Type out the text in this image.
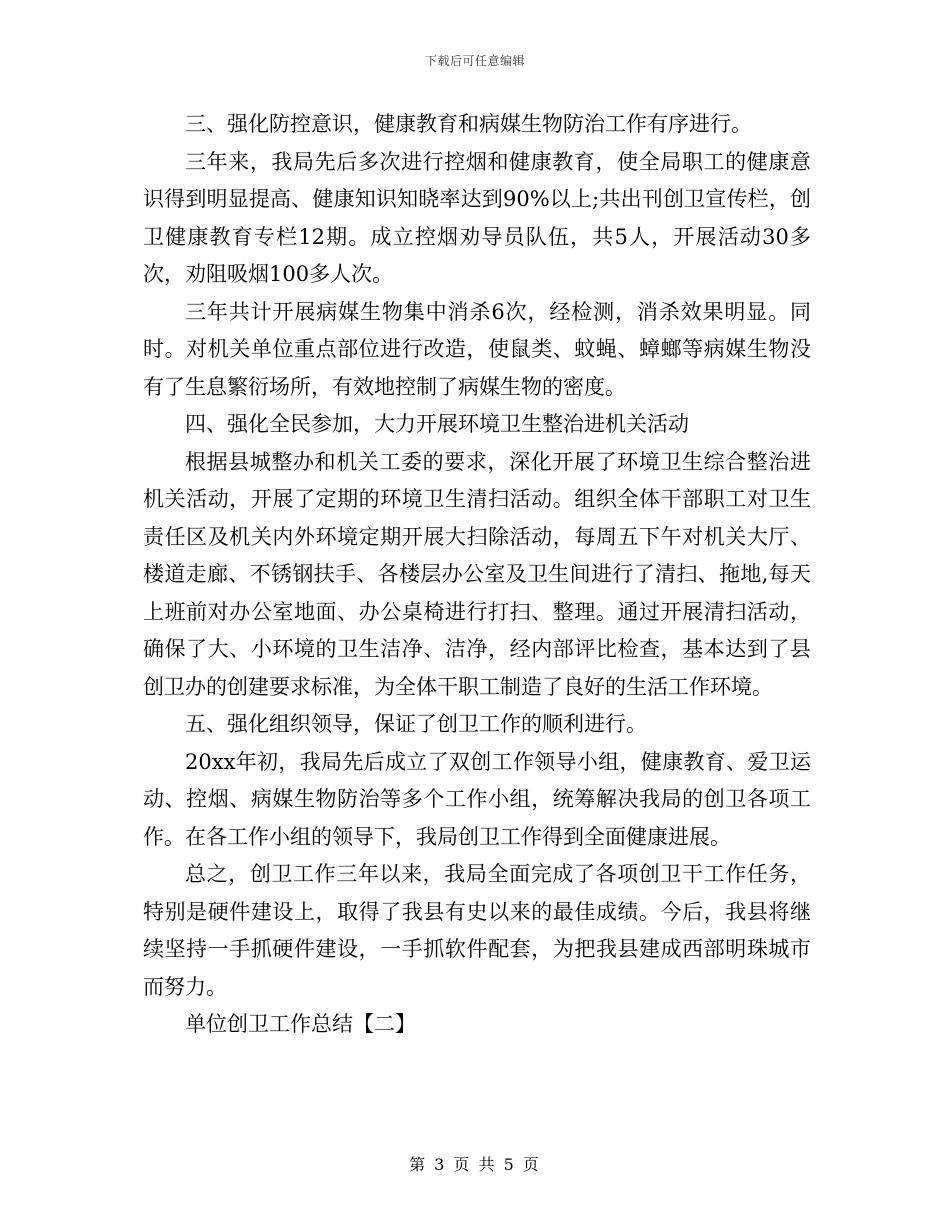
下载后可任意编辑

三、强化防控意识，健康教育和病媒生物防治工作有序进行。

三年来，我局先后多次进行控烟和健康教育，使全局职工的健康意识得到明显提高、健康知识知晓率达到90%以上;共出刊创卫宣传栏，创卫健康教育专栏12期。成立控烟劝导员队伍，共5人，开展活动30多次，劝阻吸烟100多人次。

三年共计开展病媒生物集中消杀6次，经检测，消杀效果明显。同时。对机关单位重点部位进行改造，使鼠类、蚊蝇、蟑螂等病媒生物没有了生息繁衍场所，有效地控制了病媒生物的密度。

四、强化全民参加，大力开展环境卫生整治进机关活动

根据县城整办和机关工委的要求，深化开展了环境卫生综合整治进机关活动，开展了定期的环境卫生清扫活动。组织全体干部职工对卫生责任区及机关内外环境定期开展大扫除活动，每周五下午对机关大厅、楼道走廊、不锈钢扶手、各楼层办公室及卫生间进行了清扫、拖地,每天上班前对办公室地面、办公桌椅进行打扫、整理。通过开展清扫活动，确保了大、小环境的卫生洁净、洁净，经内部评比检查，基本达到了县创卫办的创建要求标准，为全体干职工制造了良好的生活工作环境。

五、强化组织领导，保证了创卫工作的顺利进行。

20xx年初，我局先后成立了双创工作领导小组，健康教育、爱卫运动、控烟、病媒生物防治等多个工作小组，统筹解决我局的创卫各项工作。在各工作小组的领导下，我局创卫工作得到全面健康进展。

总之，创卫工作三年以来，我局全面完成了各项创卫干工作任务，特别是硬件建设上，取得了我县有史以来的最佳成绩。今后，我县将继续坚持一手抓硬件建设，一手抓软件配套，为把我县建成西部明珠城市而努力。

单位创卫工作总结【二】

第 3 页 共 5 页
